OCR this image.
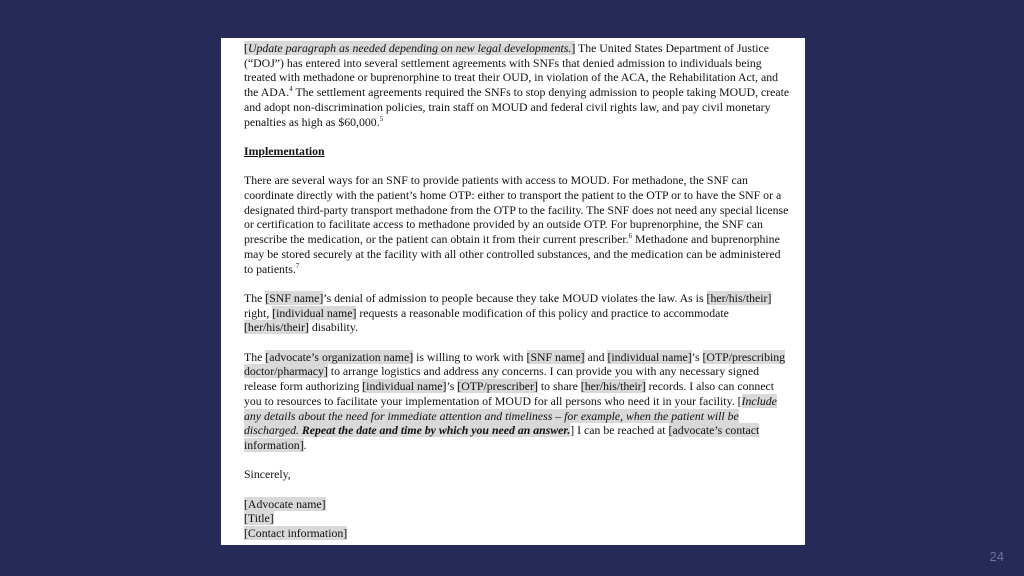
[Update paragraph as needed depending on new legal developments.] The United States Department of Justice (“DOJ”) has entered into several settlement agreements with SNFs that denied admission to individuals being treated with methadone or buprenorphine to treat their OUD, in violation of the ACA, the Rehabilitation Act, and the ADA.$^4$ The settlement agreements required the SNFs to stop denying admission to people taking MOUD, create and adopt non-discrimination policies, train staff on MOUD and federal civil rights law, and pay civil monetary penalties as high as $60,000.$^5$

Implementation

There are several ways for an SNF to provide patients with access to MOUD. For methadone, the SNF can coordinate directly with the patient’s home OTP: either to transport the patient to the OTP or to have the SNF or a designated third-party transport methadone from the OTP to the facility. The SNF does not need any special license or certification to facilitate access to methadone provided by an outside OTP. For buprenorphine, the SNF can prescribe the medication, or the patient can obtain it from their current prescriber.$^6$ Methadone and buprenorphine may be stored securely at the facility with all other controlled substances, and the medication can be administered to patients.$^7$

The [SNF name]’s denial of admission to people because they take MOUD violates the law. As is [her/his/their] right, [individual name] requests a reasonable modification of this policy and practice to accommodate [her/his/their] disability.

The [advocate’s organization name] is willing to work with [SNF name] and [individual name]’s [OTP/prescribing doctor/pharmacy] to arrange logistics and address any concerns. I can provide you with any necessary signed release form authorizing [individual name]’s [OTP/prescriber] to share [her/his/their] records. I also can connect you to resources to facilitate your implementation of MOUD for all persons who need it in your facility. [Include any details about the need for immediate attention and timeliness – for example, when the patient will be discharged. Repeat the date and time by which you need an answer.] I can be reached at [advocate’s contact information].

Sincerely,

[Advocate name]
[Title]
[Contact information]

24
